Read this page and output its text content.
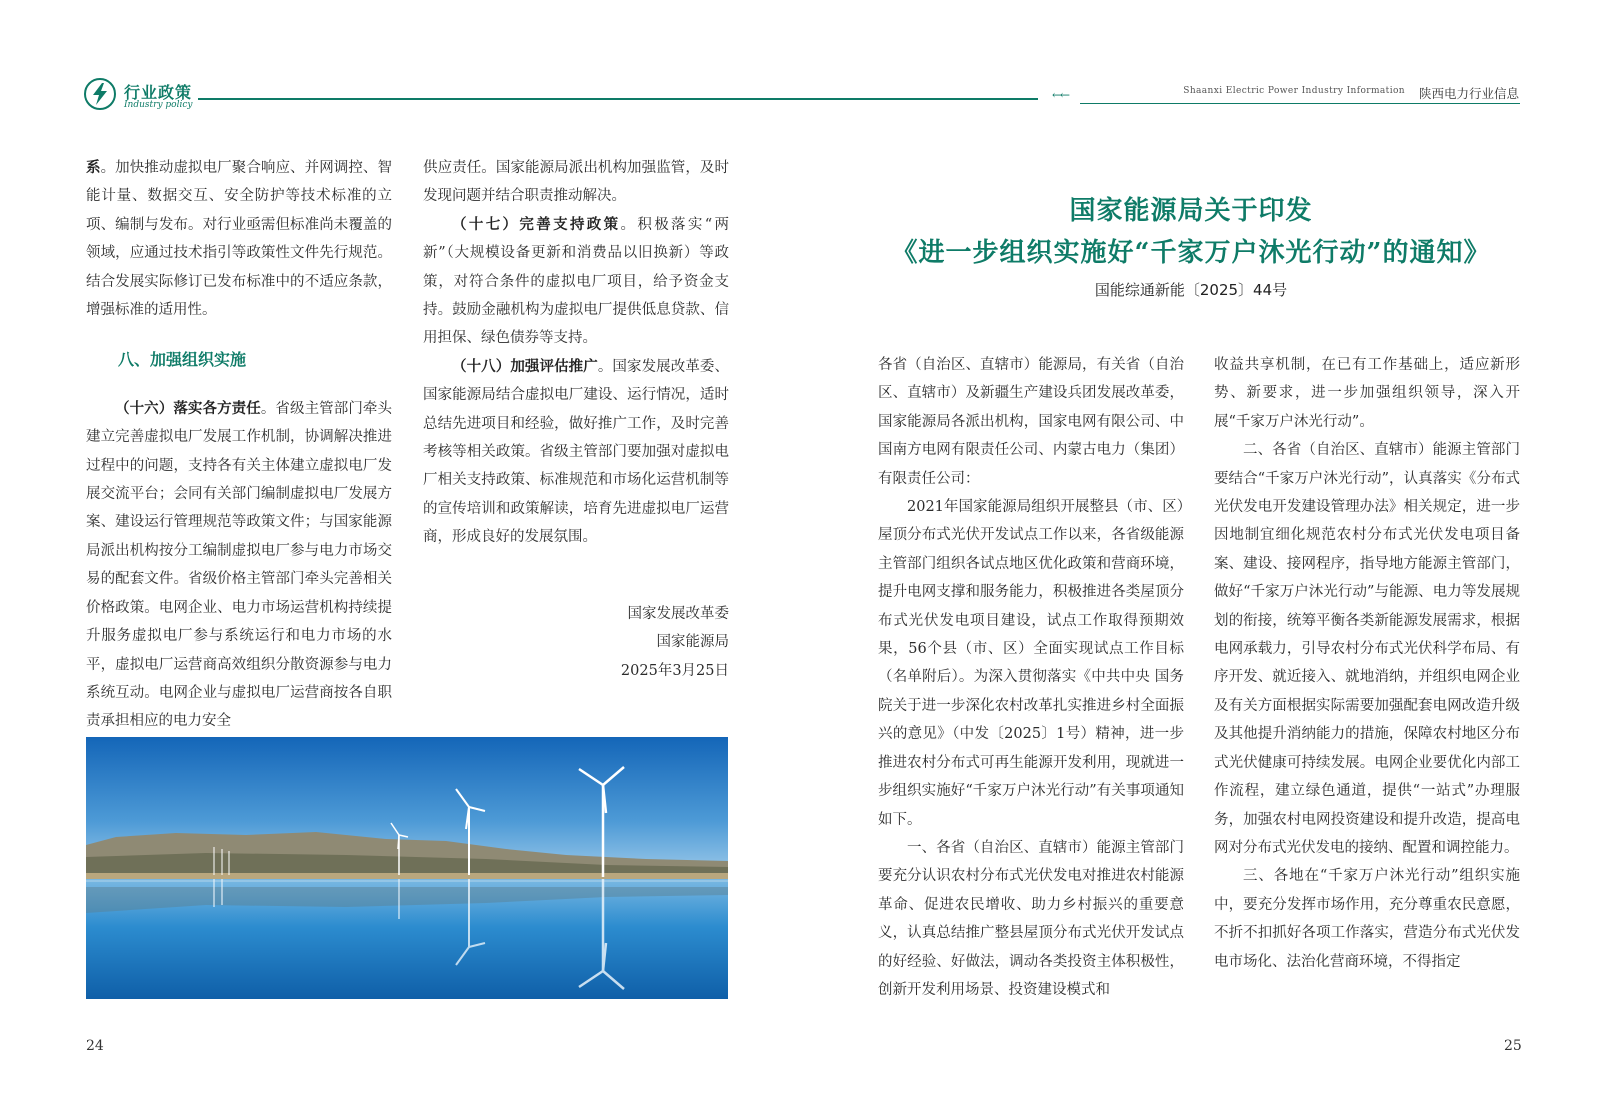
行业政策
Industry policy
←←	Shaanxi Electric Power Industry Information 陕西电力行业信息

系。加快推动虚拟电厂聚合响应、并网调控、智能计量、数据交互、安全防护等技术标准的立项、编制与发布。对行业亟需但标准尚未覆盖的领域，应通过技术指引等政策性文件先行规范。结合发展实际修订已发布标准中的不适应条款，增强标准的适用性。

八、加强组织实施

（十六）落实各方责任。省级主管部门牵头建立完善虚拟电厂发展工作机制，协调解决推进过程中的问题，支持各有关主体建立虚拟电厂发展交流平台；会同有关部门编制虚拟电厂发展方案、建设运行管理规范等政策文件；与国家能源局派出机构按分工编制虚拟电厂参与电力市场交易的配套文件。省级价格主管部门牵头完善相关价格政策。电网企业、电力市场运营机构持续提升服务虚拟电厂参与系统运行和电力市场的水平，虚拟电厂运营商高效组织分散资源参与电力系统互动。电网企业与虚拟电厂运营商按各自职责承担相应的电力安全

供应责任。国家能源局派出机构加强监管，及时发现问题并结合职责推动解决。

（十七）完善支持政策。积极落实“两新”（大规模设备更新和消费品以旧换新）等政策，对符合条件的虚拟电厂项目，给予资金支持。鼓励金融机构为虚拟电厂提供低息贷款、信用担保、绿色债券等支持。

（十八）加强评估推广。国家发展改革委、国家能源局结合虚拟电厂建设、运行情况，适时总结先进项目和经验，做好推广工作，及时完善考核等相关政策。省级主管部门要加强对虚拟电厂相关支持政策、标准规范和市场化运营机制等的宣传培训和政策解读，培育先进虚拟电厂运营商，形成良好的发展氛围。

国家发展改革委

国家能源局

2025年3月25日

24
国家能源局关于印发
《进一步组织实施好“千家万户沐光行动”的通知》
国能综通新能〔2025〕44号

各省（自治区、直辖市）能源局，有关省（自治区、直辖市）及新疆生产建设兵团发展改革委，国家能源局各派出机构，国家电网有限公司、中国南方电网有限责任公司、内蒙古电力（集团）有限责任公司：

2021年国家能源局组织开展整县（市、区）屋顶分布式光伏开发试点工作以来，各省级能源主管部门组织各试点地区优化政策和营商环境，提升电网支撑和服务能力，积极推进各类屋顶分布式光伏发电项目建设，试点工作取得预期效果，56个县（市、区）全面实现试点工作目标（名单附后）。为深入贯彻落实《中共中央 国务院关于进一步深化农村改革扎实推进乡村全面振兴的意见》（中发〔2025〕1号）精神，进一步推进农村分布式可再生能源开发利用，现就进一步组织实施好“千家万户沐光行动”有关事项通知如下。

一、各省（自治区、直辖市）能源主管部门要充分认识农村分布式光伏发电对推进农村能源革命、促进农民增收、助力乡村振兴的重要意义，认真总结推广整县屋顶分布式光伏开发试点的好经验、好做法，调动各类投资主体积极性，创新开发利用场景、投资建设模式和

收益共享机制，在已有工作基础上，适应新形势、新要求，进一步加强组织领导，深入开展“千家万户沐光行动”。

二、各省（自治区、直辖市）能源主管部门要结合“千家万户沐光行动”，认真落实《分布式光伏发电开发建设管理办法》相关规定，进一步因地制宜细化规范农村分布式光伏发电项目备案、建设、接网程序，指导地方能源主管部门，做好“千家万户沐光行动”与能源、电力等发展规划的衔接，统筹平衡各类新能源发展需求，根据电网承载力，引导农村分布式光伏科学布局、有序开发、就近接入、就地消纳，并组织电网企业及有关方面根据实际需要加强配套电网改造升级及其他提升消纳能力的措施，保障农村地区分布式光伏健康可持续发展。电网企业要优化内部工作流程，建立绿色通道，提供“一站式”办理服务，加强农村电网投资建设和提升改造，提高电网对分布式光伏发电的接纳、配置和调控能力。

三、各地在“千家万户沐光行动”组织实施中，要充分发挥市场作用，充分尊重农民意愿，不折不扣抓好各项工作落实，营造分布式光伏发电市场化、法治化营商环境，不得指定

25
